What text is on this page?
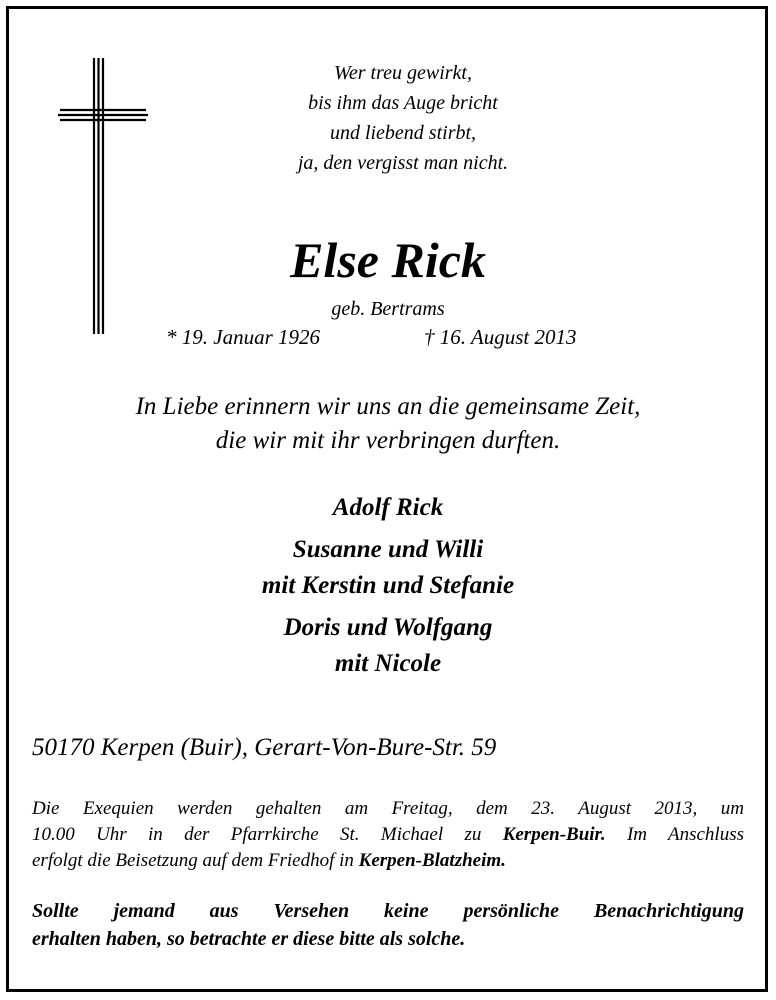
Wer treu gewirkt,
bis ihm das Auge bricht
und liebend stirbt,
ja, den vergisst man nicht.
Else Rick
geb. Bertrams
* 19. Januar 1926	† 16. August 2013
In Liebe erinnern wir uns an die gemeinsame Zeit,
die wir mit ihr verbringen durften.
Adolf Rick
Susanne und Willi
mit Kerstin und Stefanie
Doris und Wolfgang
mit Nicole
50170 Kerpen (Buir), Gerart-Von-Bure-Str. 59
Die Exequien werden gehalten am Freitag, dem 23. August 2013, um
10.00 Uhr in der Pfarrkirche St. Michael zu Kerpen-Buir. Im Anschluss
erfolgt die Beisetzung auf dem Friedhof in Kerpen-Blatzheim.
Sollte jemand aus Versehen keine persönliche Benachrichtigung
erhalten haben, so betrachte er diese bitte als solche.
